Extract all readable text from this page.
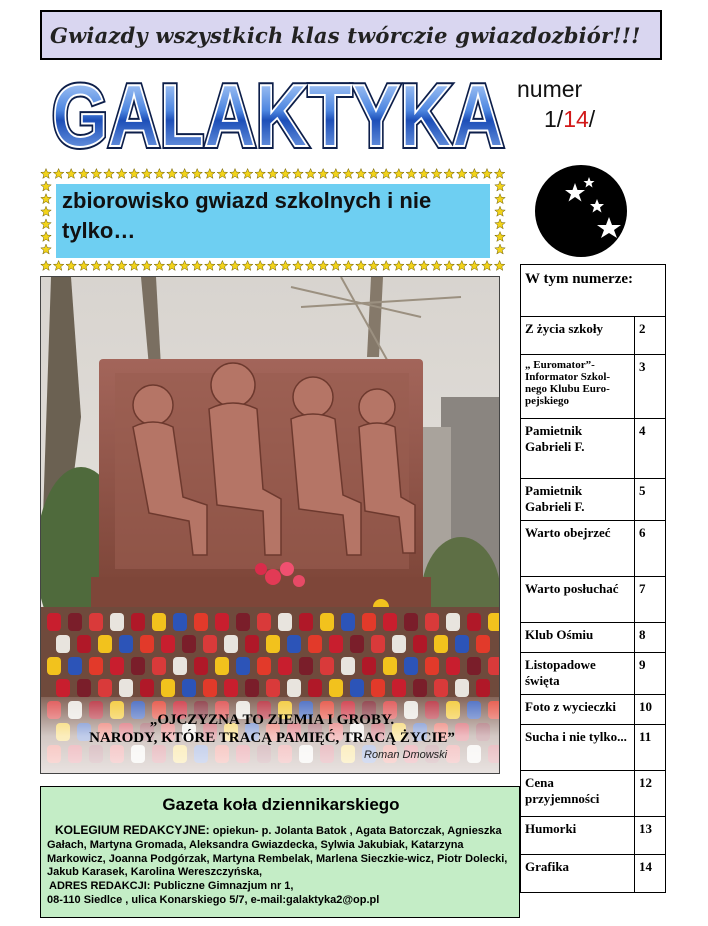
Gwiazdy wszystkich klas twórczie gwiazdozbiór!!!
GALAKTYKA
GALAKTYKA numer
1/14/
zbiorowisko gwiazd szkolnych i nie tylko…
„OJCZYZNA TO ZIEMIA I GROBY.
NARODY, KTÓRE TRACĄ PAMIĘĆ, TRACĄ ŻYCIE”
Roman Dmowski
W tym numerze:	
Z życia szkoły	2
„ Euromator”- Informator Szkol-nego Klubu Euro-pejskiego	3
Pamietnik Gabrieli F.	4
Pamietnik Gabrieli F.	5
Warto obejrzeć	6
Warto posłuchać	7
Klub Ośmiu	8
Listopadowe święta	9
Foto z wycieczki	10
Sucha i nie tylko...	11
Cena przyjemności	12
Humorki	13
Grafika	14
Gazeta koła dziennikarskiego

KOLEGIUM REDAKCYJNE: opiekun- p. Jolanta Batok , Agata Batorczak, Agnieszka Gałach, Martyna Gromada, Aleksandra Gwiazdecka, Sylwia Jakubiak, Katarzyna Markowicz, Joanna Podgórzak, Martyna Rembelak, Marlena Sieczkie-wicz, Piotr Dolecki, Jakub Karasek, Karolina Wereszczyńska,

ADRES REDAKCJI: Publiczne Gimnazjum nr 1,

08-110 Siedlce , ulica Konarskiego 5/7, e-mail:galaktyka2@op.pl
